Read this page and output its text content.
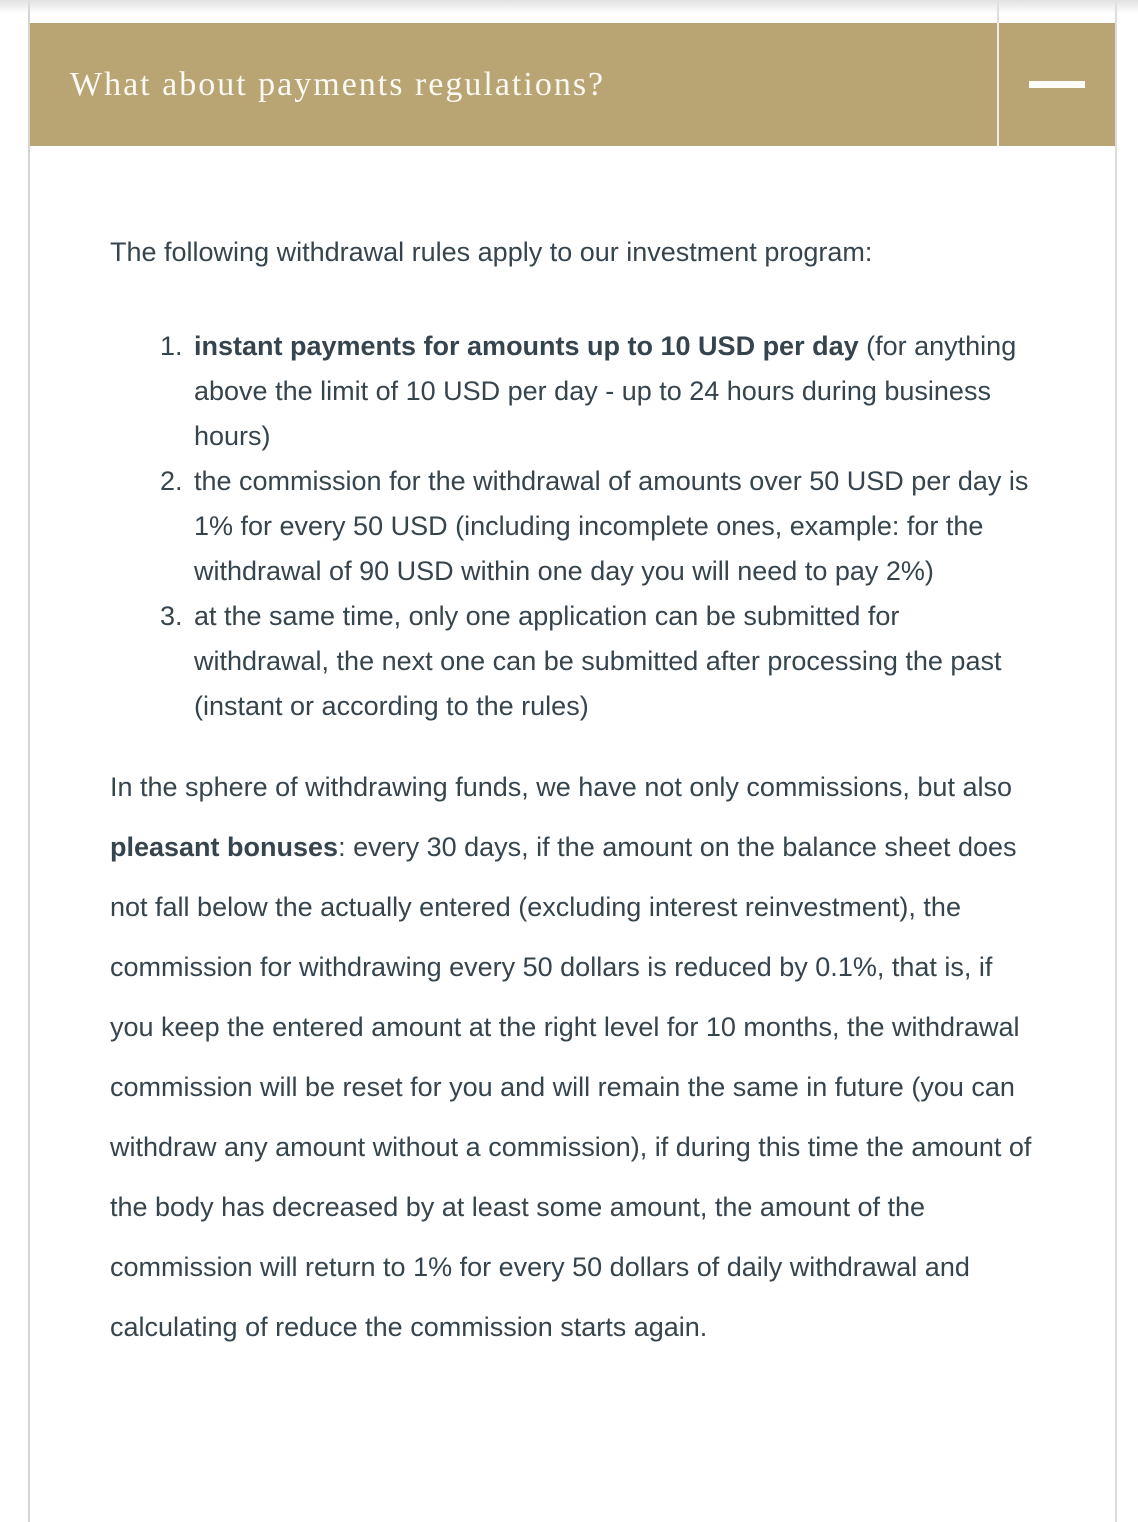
What about payments regulations?

The following withdrawal rules apply to our investment program:

1. instant payments for amounts up to 10 USD per day (for anything above the limit of 10 USD per day - up to 24 hours during business hours)
2. the commission for the withdrawal of amounts over 50 USD per day is 1% for every 50 USD (including incomplete ones, example: for the withdrawal of 90 USD within one day you will need to pay 2%)
3. at the same time, only one application can be submitted for withdrawal, the next one can be submitted after processing the past (instant or according to the rules)

In the sphere of withdrawing funds, we have not only commissions, but also pleasant bonuses: every 30 days, if the amount on the balance sheet does not fall below the actually entered (excluding interest reinvestment), the commission for withdrawing every 50 dollars is reduced by 0.1%, that is, if you keep the entered amount at the right level for 10 months, the withdrawal commission will be reset for you and will remain the same in future (you can withdraw any amount without a commission), if during this time the amount of the body has decreased by at least some amount, the amount of the commission will return to 1% for every 50 dollars of daily withdrawal and calculating of reduce the commission starts again.
